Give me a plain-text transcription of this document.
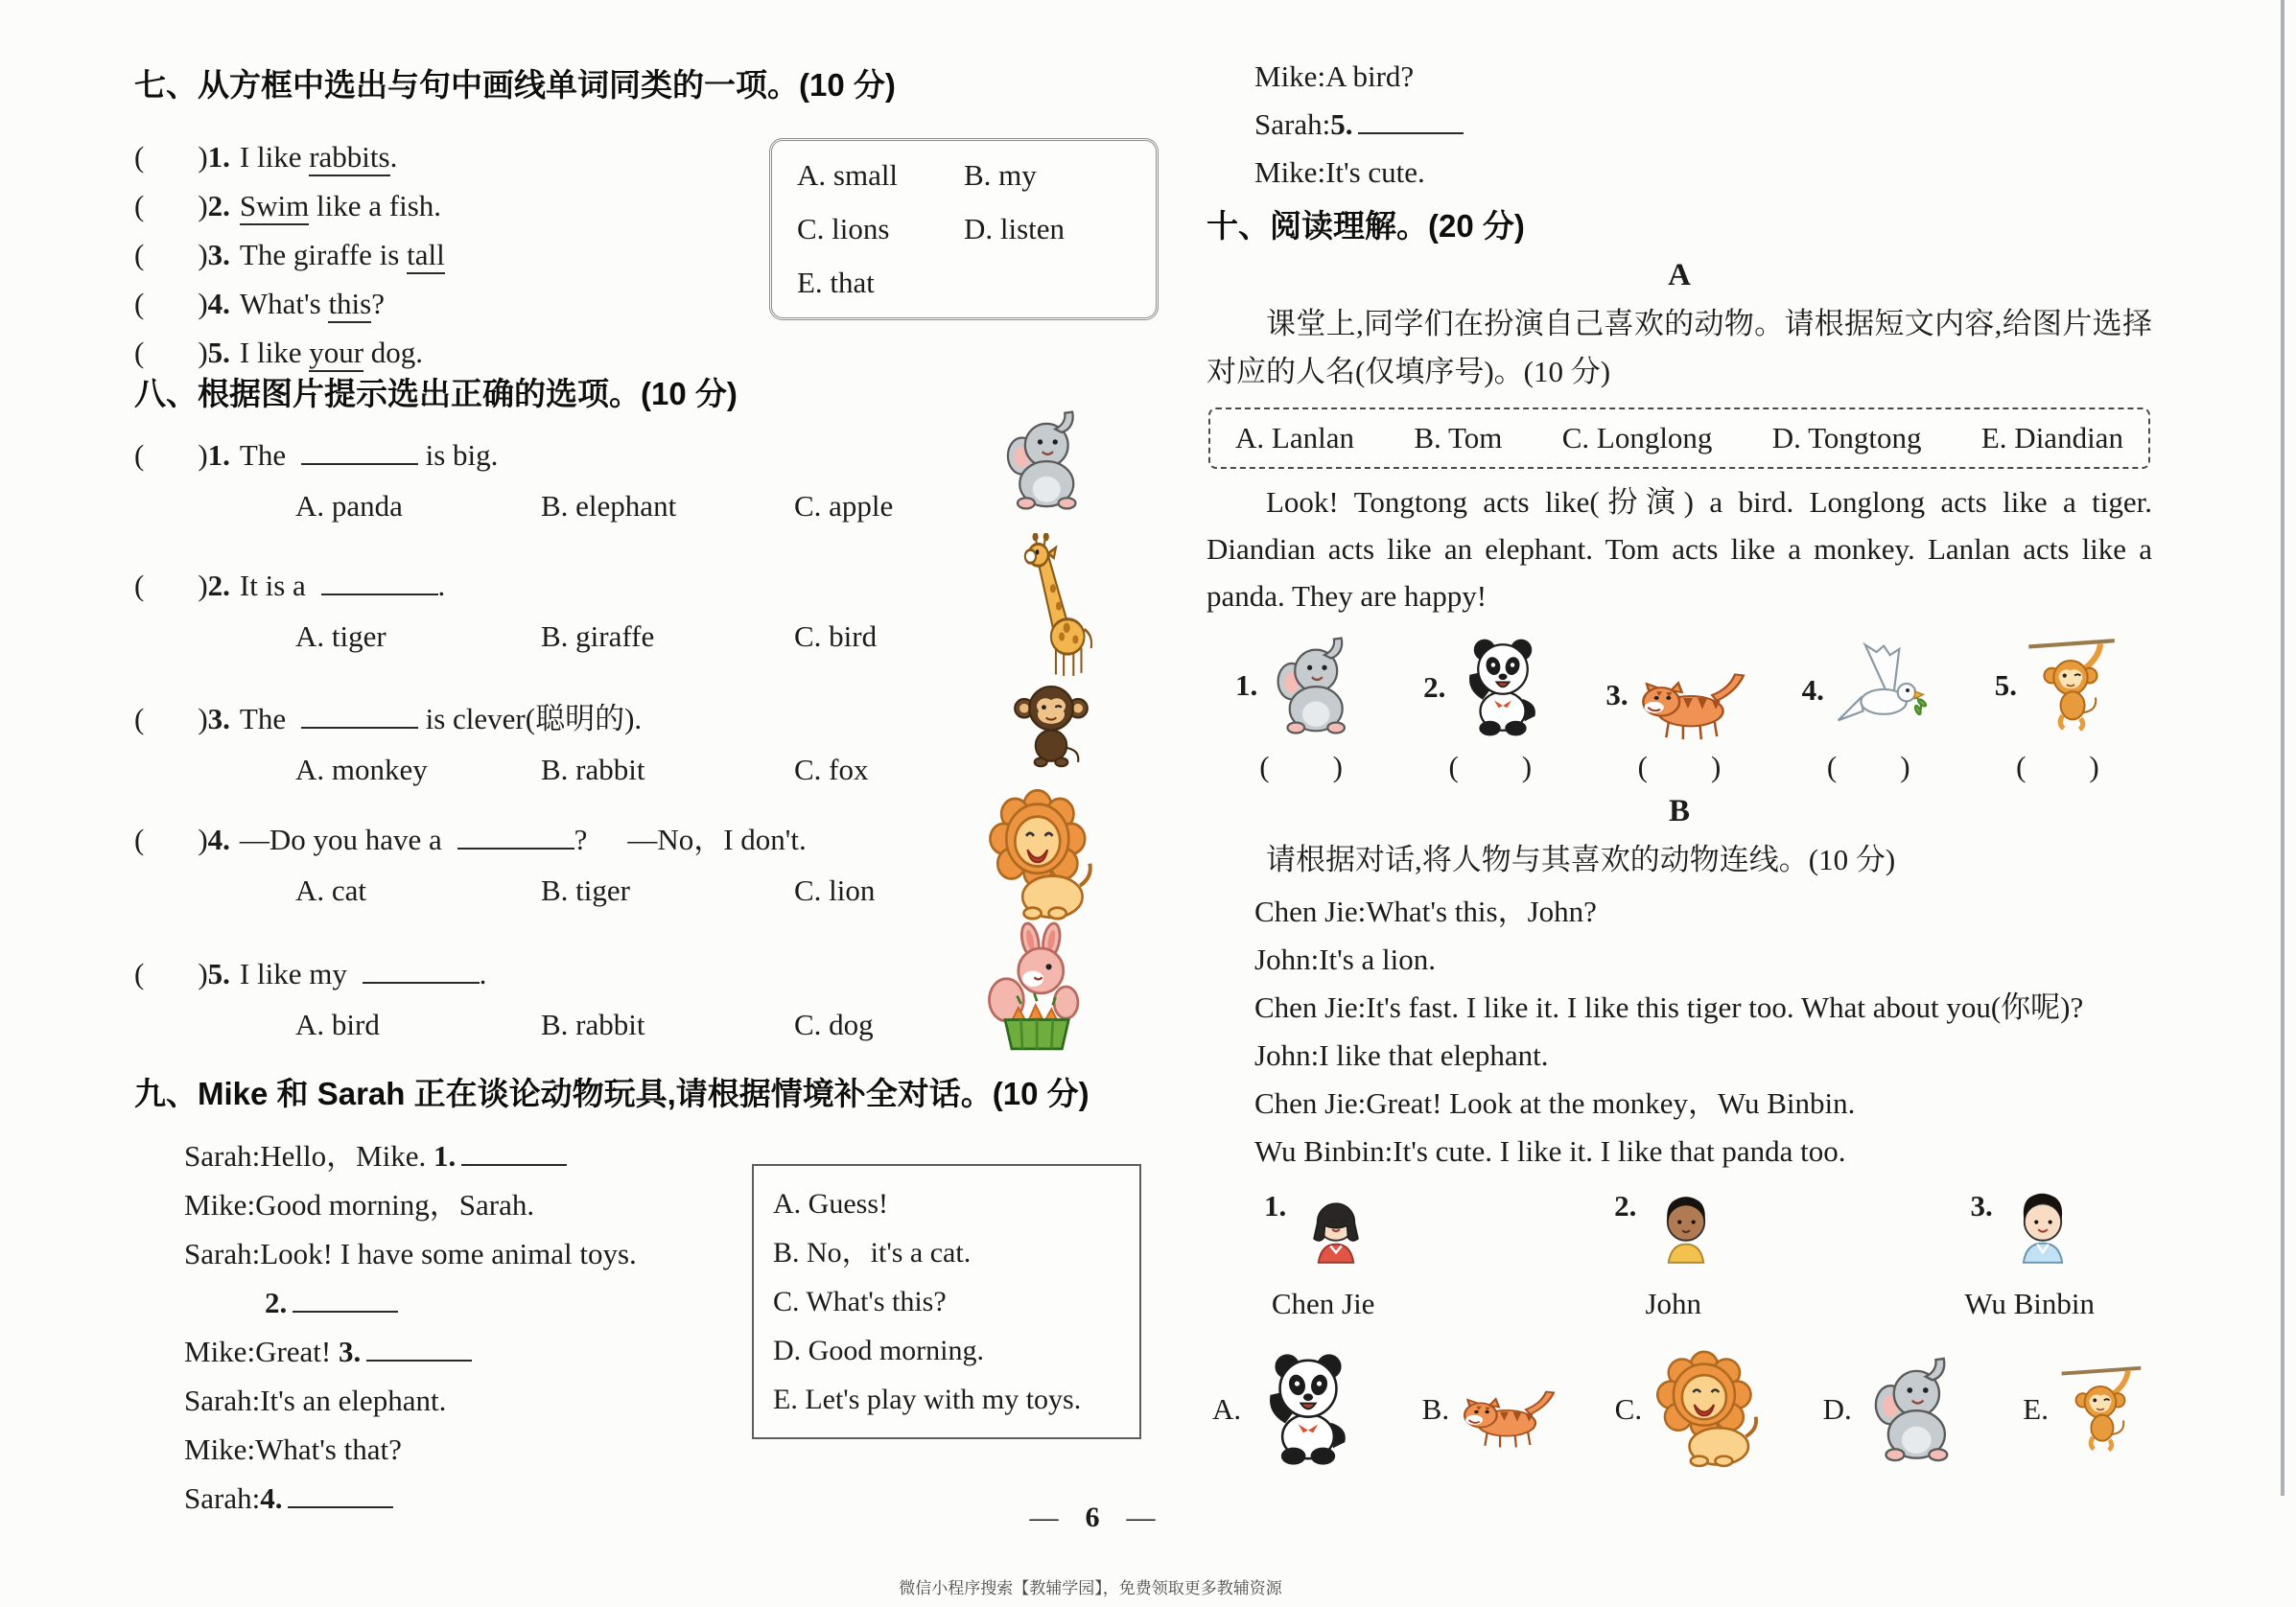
七、从方框中选出与句中画线单词同类的一项。(10 分)
( )1. I like rabbits.
( )2. Swim like a fish.
( )3. The giraffe is tall
( )4. What's this?
( )5. I like your dog.
A. small	B. my
C. lions	D. listen
E. that
八、根据图片提示选出正确的选项。(10 分)
( )1. The	is big.
A. panda	B. elephant	C. apple
( )2. It is a	.
A. tiger	B. giraffe	C. bird
( )3. The	is clever(聪明的).
A. monkey	B. rabbit	C. fox
( )4. —Do you have a	? —No，I don't.
A. cat	B. tiger	C. lion
( )5. I like my	.
A. bird	B. rabbit	C. dog
九、Mike 和 Sarah 正在谈论动物玩具,请根据情境补全对话。(10 分)
Sarah:Hello，Mike. 1.
Mike:Good morning，Sarah.
Sarah:Look! I have some animal toys.
2.
Mike:Great! 3.
Sarah:It's an elephant.
Mike:What's that?
Sarah:4.
A. Guess!
B. No，it's a cat.
C. What's this?
D. Good morning.
E. Let's play with my toys.
Mike:A bird?
Sarah:5.
Mike:It's cute.
十、阅读理解。(20 分)
A
课堂上,同学们在扮演自己喜欢的动物。请根据短文内容,给图片选择对应的人名(仅填序号)。(10 分)
A. Lanlan B. Tom C. Longlong D. Tongtong E. Diandian
Look! Tongtong acts like(扮演) a bird. Longlong acts like a tiger. Diandian acts like an elephant. Tom acts like a monkey. Lanlan acts like a panda. They are happy!
1.
( )
2.
( )
3.
( )
4.
( )
5.
( )
B
请根据对话,将人物与其喜欢的动物连线。(10 分)
Chen Jie:What's this，John?
John:It's a lion.
Chen Jie:It's fast. I like it. I like this tiger too. What about you(你呢)?
John:I like that elephant.
Chen Jie:Great! Look at the monkey，Wu Binbin.
Wu Binbin:It's cute. I like it. I like that panda too.
1.
Chen Jie
2.
John
3.
Wu Binbin
A.	B.	C.	D.	E.
— 6 —
微信小程序搜索【教辅学园】，免费领取更多教辅资源
